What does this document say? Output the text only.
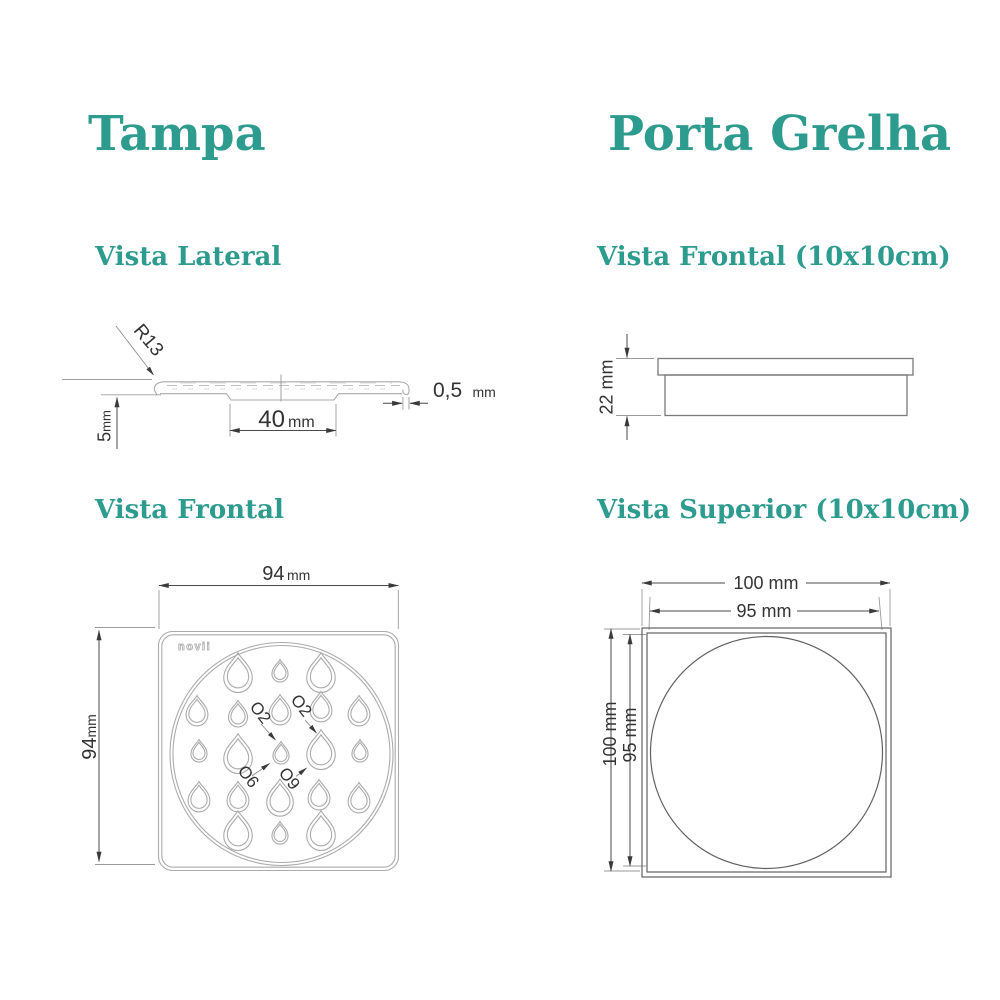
Tampa	Porta Grelha
Vista Lateral	Vista Frontal (10x10cm)
Vista Frontal	Vista Superior (10x10cm)
R13
5mm	40 mm
0,5 mm	22 mm
94 mm
94mm
novii
O2 O2
O6 O9
100 mm
95 mm
100 mm 95 mm
